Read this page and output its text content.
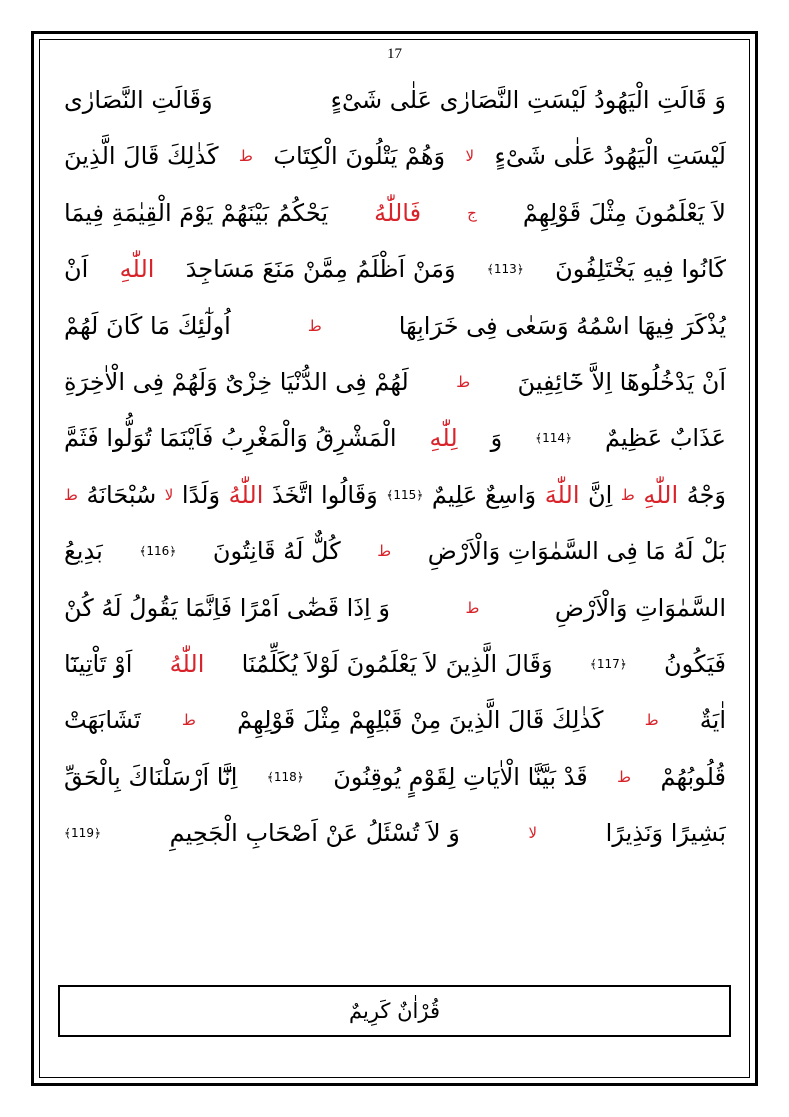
17
وَ قَالَتِ الْيَهُودُ لَيْسَتِ النَّصَارٰى عَلٰى شَىْءٍ
وَقَالَتِ النَّصَارٰى
لَيْسَتِ الْيَهُودُ عَلٰى شَىْءٍ
لا
وَهُمْ يَتْلُونَ الْكِتَابَ
ط
كَذٰلِكَ قَالَ الَّذِينَ
لاَ يَعْلَمُونَ مِثْلَ قَوْلِهِمْ
ج
فَاللّٰهُ
يَحْكُمُ بَيْنَهُمْ يَوْمَ الْقِيٰمَةِ فِيمَا
كَانُوا فِيهِ يَخْتَلِفُونَ
﴿113﴾
وَمَنْ اَظْلَمُ مِمَّنْ مَنَعَ مَسَاجِدَ
اللّٰهِ
اَنْ
يُذْكَرَ فِيهَا اسْمُهُ وَسَعٰى فِى خَرَابِهَا
ط
اُولٰٓئِكَ مَا كَانَ لَهُمْ
اَنْ يَدْخُلُوهَٓا اِلاَّ خَٓائِفِينَ
ط
لَهُمْ فِى الدُّنْيَا خِزْىٌ وَلَهُمْ فِى الْاٰخِرَةِ
عَذَابٌ عَظِيمٌ
﴿114﴾
وَ
لِلّٰهِ
الْمَشْرِقُ وَالْمَغْرِبُ فَاَيْنَمَا تُوَلُّوا فَثَمَّ
وَجْهُ
اللّٰهِ
ط
اِنَّ
اللّٰهَ
وَاسِعٌ عَلِيمٌ
﴿115﴾
وَقَالُوا اتَّخَذَ
اللّٰهُ
وَلَدًا
لا
سُبْحَانَهُ
ط
بَلْ لَهُ مَا فِى السَّمٰوَاتِ وَالْاَرْضِ
ط
كُلٌّ لَهُ قَانِتُونَ
﴿116﴾
بَدِيعُ
السَّمٰوَاتِ وَالْاَرْضِ
ط
وَ اِذَا قَضٰٓى اَمْرًا فَاِنَّمَا يَقُولُ لَهُ كُنْ
فَيَكُونُ
﴿117﴾
وَقَالَ الَّذِينَ لاَ يَعْلَمُونَ لَوْلاَ يُكَلِّمُنَا
اللّٰهُ
اَوْ تَاْتِينَٓا
اٰيَةٌ
ط
كَذٰلِكَ قَالَ الَّذِينَ مِنْ قَبْلِهِمْ مِثْلَ قَوْلِهِمْ
ط
تَشَابَهَتْ
قُلُوبُهُمْ
ط
قَدْ بَيَّنَّا الْاٰيَاتِ لِقَوْمٍ يُوقِنُونَ
﴿118﴾
اِنَّٓا اَرْسَلْنَاكَ بِالْحَقِّ
بَشِيرًا وَنَذِيرًا
لا
وَ لاَ تُسْئَلُ عَنْ اَصْحَابِ الْجَحِيمِ
﴿119﴾
قُرْاٰنٌ كَرِيمٌ
